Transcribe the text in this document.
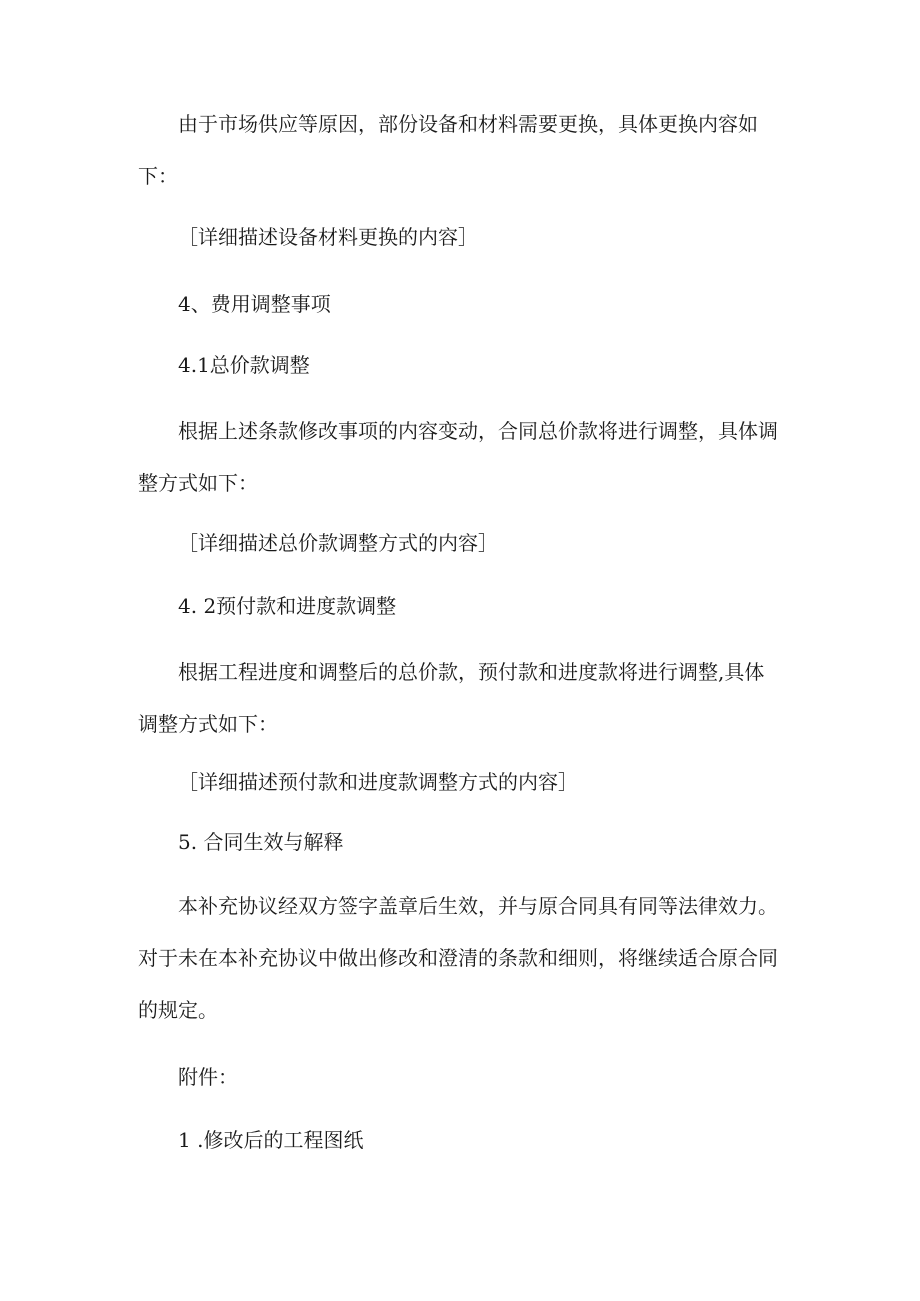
由于市场供应等原因，部份设备和材料需要更换，具体更换内容如下：

［详细描述设备材料更换的内容］

4、费用调整事项

4.1总价款调整

根据上述条款修改事项的内容变动，合同总价款将进行调整，具体调整方式如下：

［详细描述总价款调整方式的内容］

4. 2预付款和进度款调整

根据工程进度和调整后的总价款，预付款和进度款将进行调整,具体调整方式如下：

［详细描述预付款和进度款调整方式的内容］

5. 合同生效与解释

本补充协议经双方签字盖章后生效，并与原合同具有同等法律效力。对于未在本补充协议中做出修改和澄清的条款和细则，将继续适合原合同的规定。

附件：

1 .修改后的工程图纸
